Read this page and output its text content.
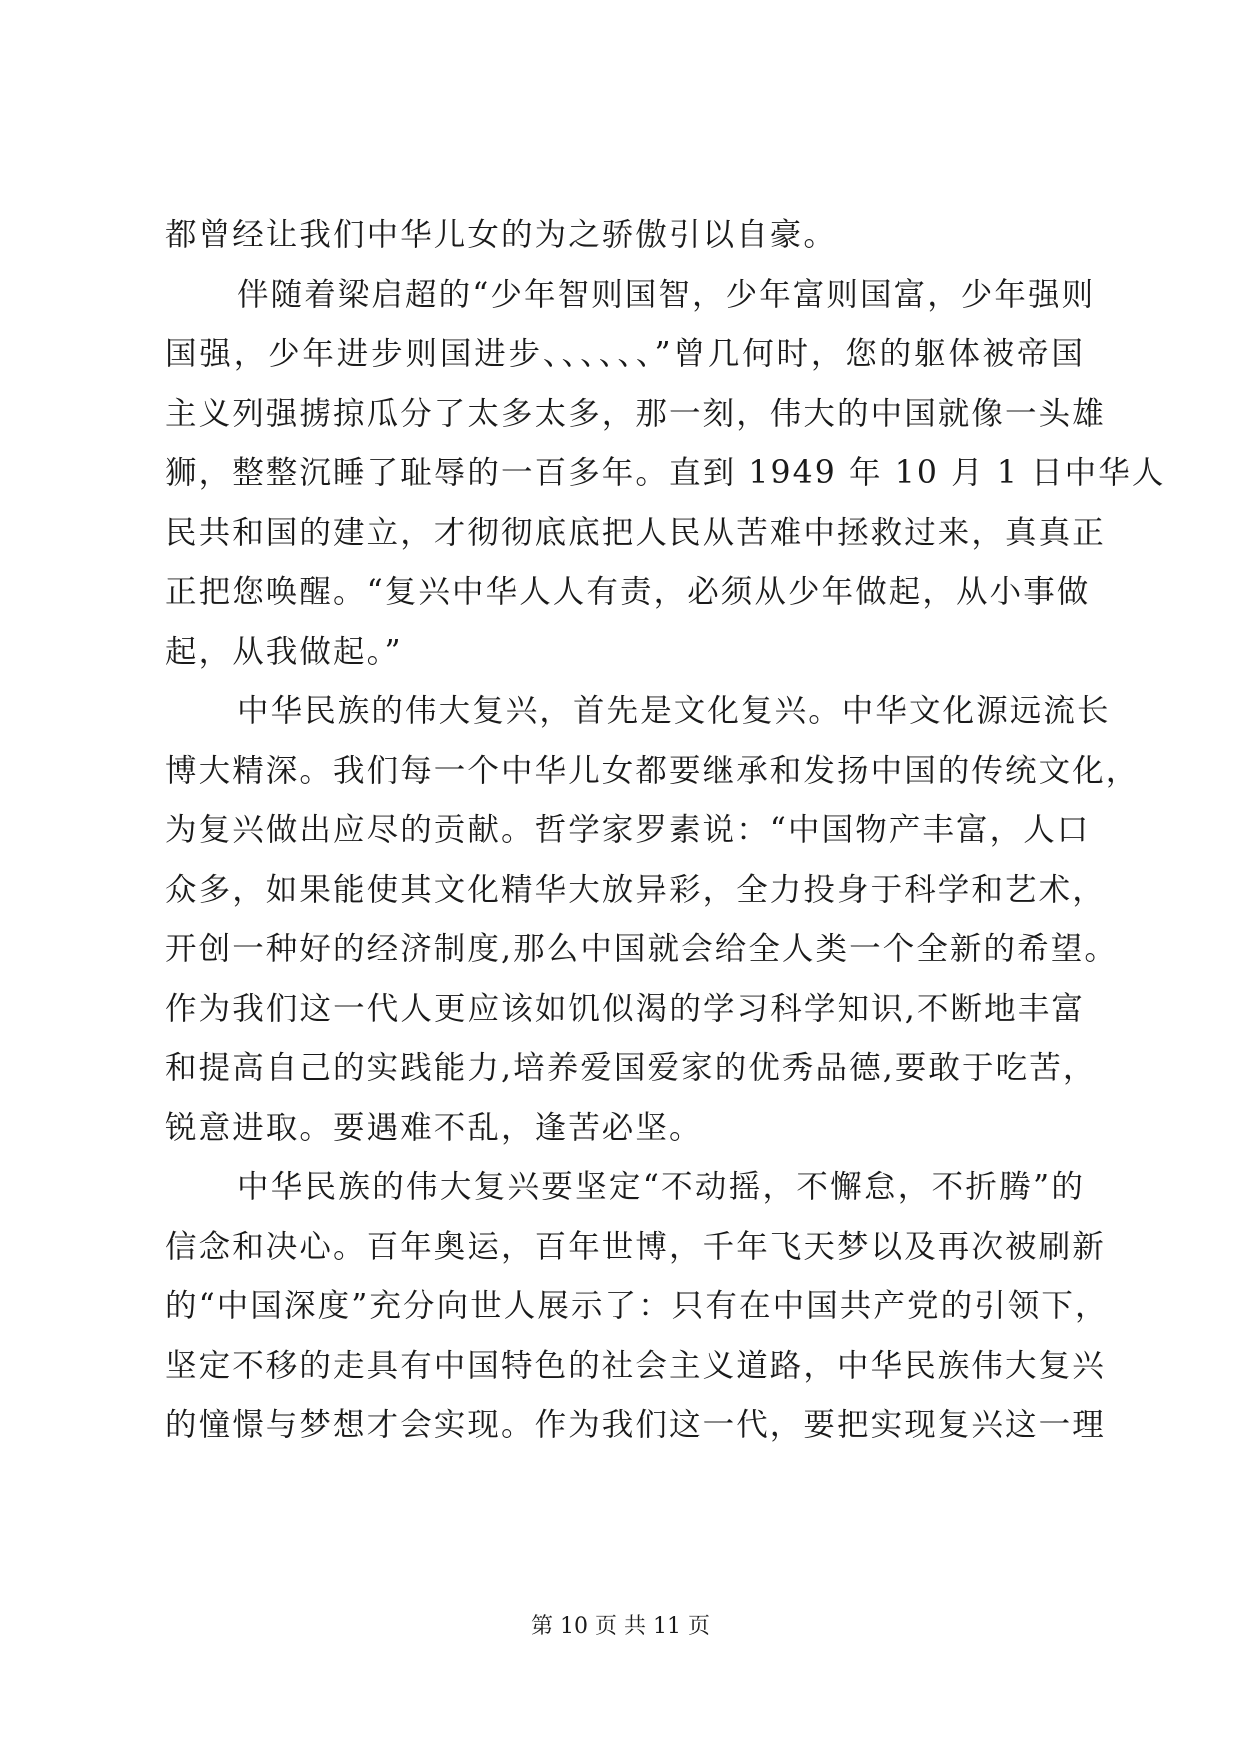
都曾经让我们中华儿女的为之骄傲引以自豪。
伴随着梁启超的“少年智则国智，少年富则国富，少年强则
国强，少年进步则国进步、、、、、、”曾几何时，您的躯体被帝国
主义列强掳掠瓜分了太多太多，那一刻，伟大的中国就像一头雄
狮，整整沉睡了耻辱的一百多年。直到 1949 年 10 月 1 日中华人
民共和国的建立，才彻彻底底把人民从苦难中拯救过来，真真正
正把您唤醒。“复兴中华人人有责，必须从少年做起，从小事做
起，从我做起。”
中华民族的伟大复兴，首先是文化复兴。中华文化源远流长
博大精深。我们每一个中华儿女都要继承和发扬中国的传统文化，
为复兴做出应尽的贡献。哲学家罗素说：“中国物产丰富，人口
众多，如果能使其文化精华大放异彩，全力投身于科学和艺术，
开创一种好的经济制度,那么中国就会给全人类一个全新的希望。
作为我们这一代人更应该如饥似渴的学习科学知识,不断地丰富
和提高自己的实践能力,培养爱国爱家的优秀品德,要敢于吃苦，
锐意进取。要遇难不乱，逢苦必坚。
中华民族的伟大复兴要坚定“不动摇，不懈怠，不折腾”的
信念和决心。百年奥运，百年世博，千年飞天梦以及再次被刷新
的“中国深度”充分向世人展示了：只有在中国共产党的引领下，
坚定不移的走具有中国特色的社会主义道路，中华民族伟大复兴
的憧憬与梦想才会实现。作为我们这一代，要把实现复兴这一理
第 10 页 共 11 页
